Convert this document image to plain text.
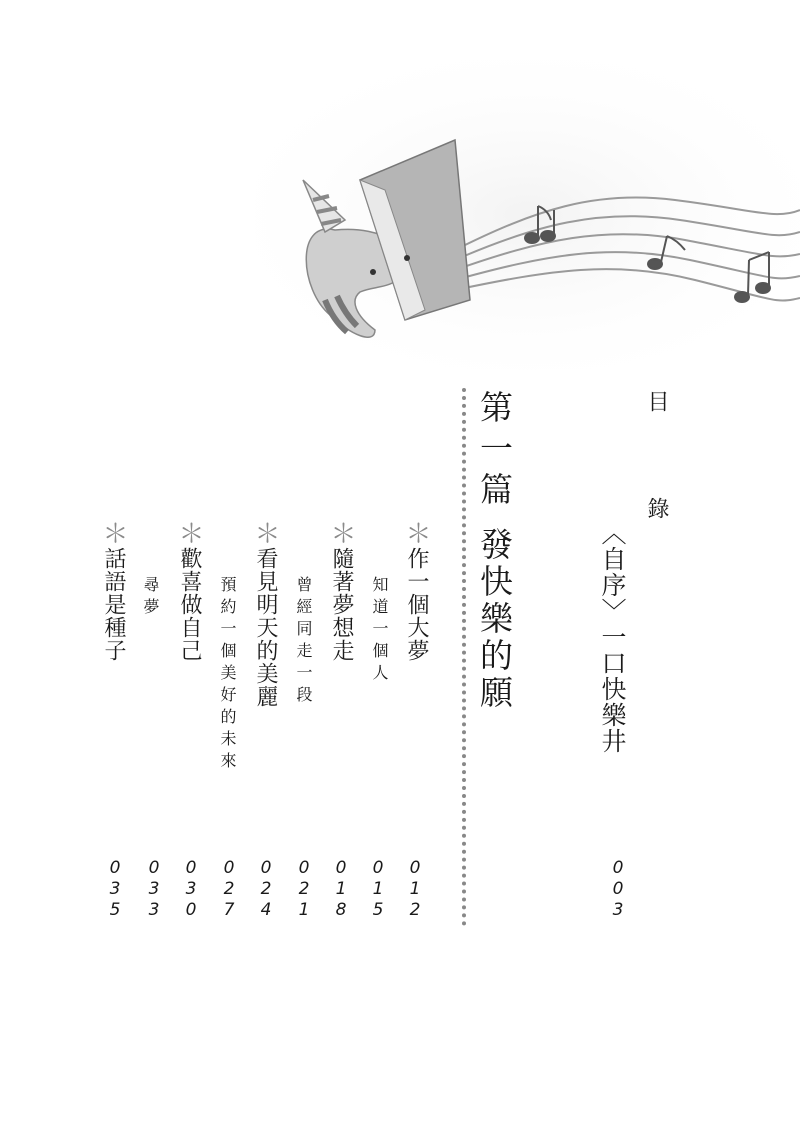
目 錄
〈自序〉一口快樂井
003
第一篇
發快樂的願
＊作一個大夢
012
知道一個人
015
＊隨著夢想走
018
曾經同走一段
021
＊看見明天的美麗
024
預約一個美好的未來
027
＊歡喜做自己
030
尋夢
033
＊話語是種子
035
